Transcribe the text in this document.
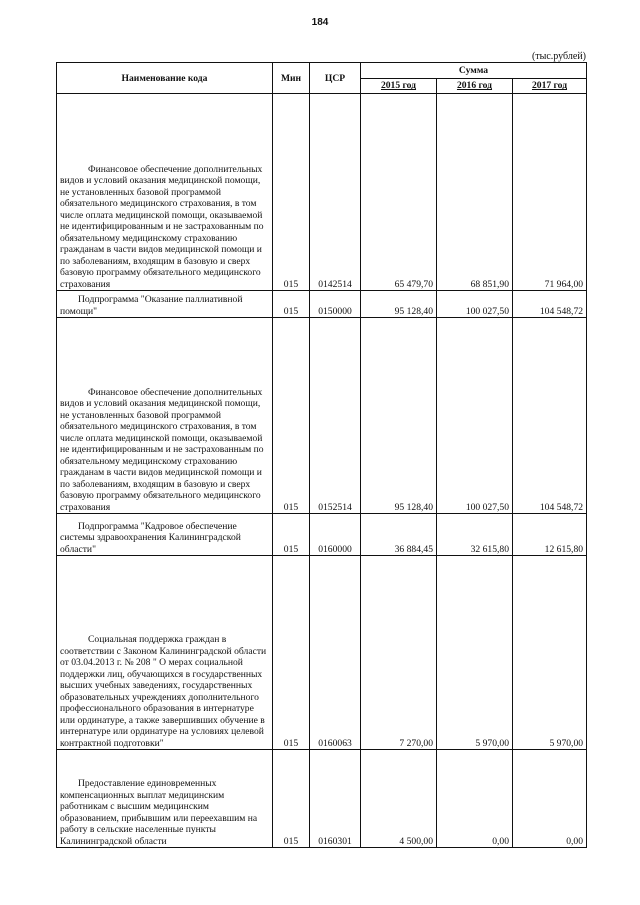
184
(тыс.рублей)
Наименование кода	Мин	ЦСР	Сумма		
			2015 год	2016 год	2017 год
Финансовое обеспечение дополнительных видов и условий оказания медицинской помощи, не установленных базовой программой обязательного медицинского страхования, в том числе оплата медицинской помощи, оказываемой не идентифицированным и не застрахованным по обязательному медицинскому страхованию гражданам в части видов медицинской помощи и по заболеваниям, входящим в базовую и сверх базовую программу обязательного медицинского страхования	015	0142514	65 479,70	68 851,90	71 964,00
Подпрограмма "Оказание паллиативной помощи"	015	0150000	95 128,40	100 027,50	104 548,72
Финансовое обеспечение дополнительных видов и условий оказания медицинской помощи, не установленных базовой программой обязательного медицинского страхования, в том числе оплата медицинской помощи, оказываемой не идентифицированным и не застрахованным по обязательному медицинскому страхованию гражданам в части видов медицинской помощи и по заболеваниям, входящим в базовую и сверх базовую программу обязательного медицинского страхования	015	0152514	95 128,40	100 027,50	104 548,72
Подпрограмма "Кадровое обеспечение системы здравоохранения Калининградской области"	015	0160000	36 884,45	32 615,80	12 615,80
Социальная поддержка граждан в соответствии с Законом Калининградской области от 03.04.2013 г. № 208 " О мерах социальной поддержки лиц, обучающихся в государственных высших учебных заведениях, государственных образовательных учреждениях дополнительного профессионального образования в интернатуре или ординатуре, а также завершивших обучение в интернатуре или ординатуре на условиях целевой контрактной подготовки"	015	0160063	7 270,00	5 970,00	5 970,00
Предоставление единовременных компенсационных выплат медицинским работникам с высшим медицинским образованием, прибывшим или переехавшим на работу в сельские населенные пункты Калининградской области	015	0160301	4 500,00	0,00	0,00
